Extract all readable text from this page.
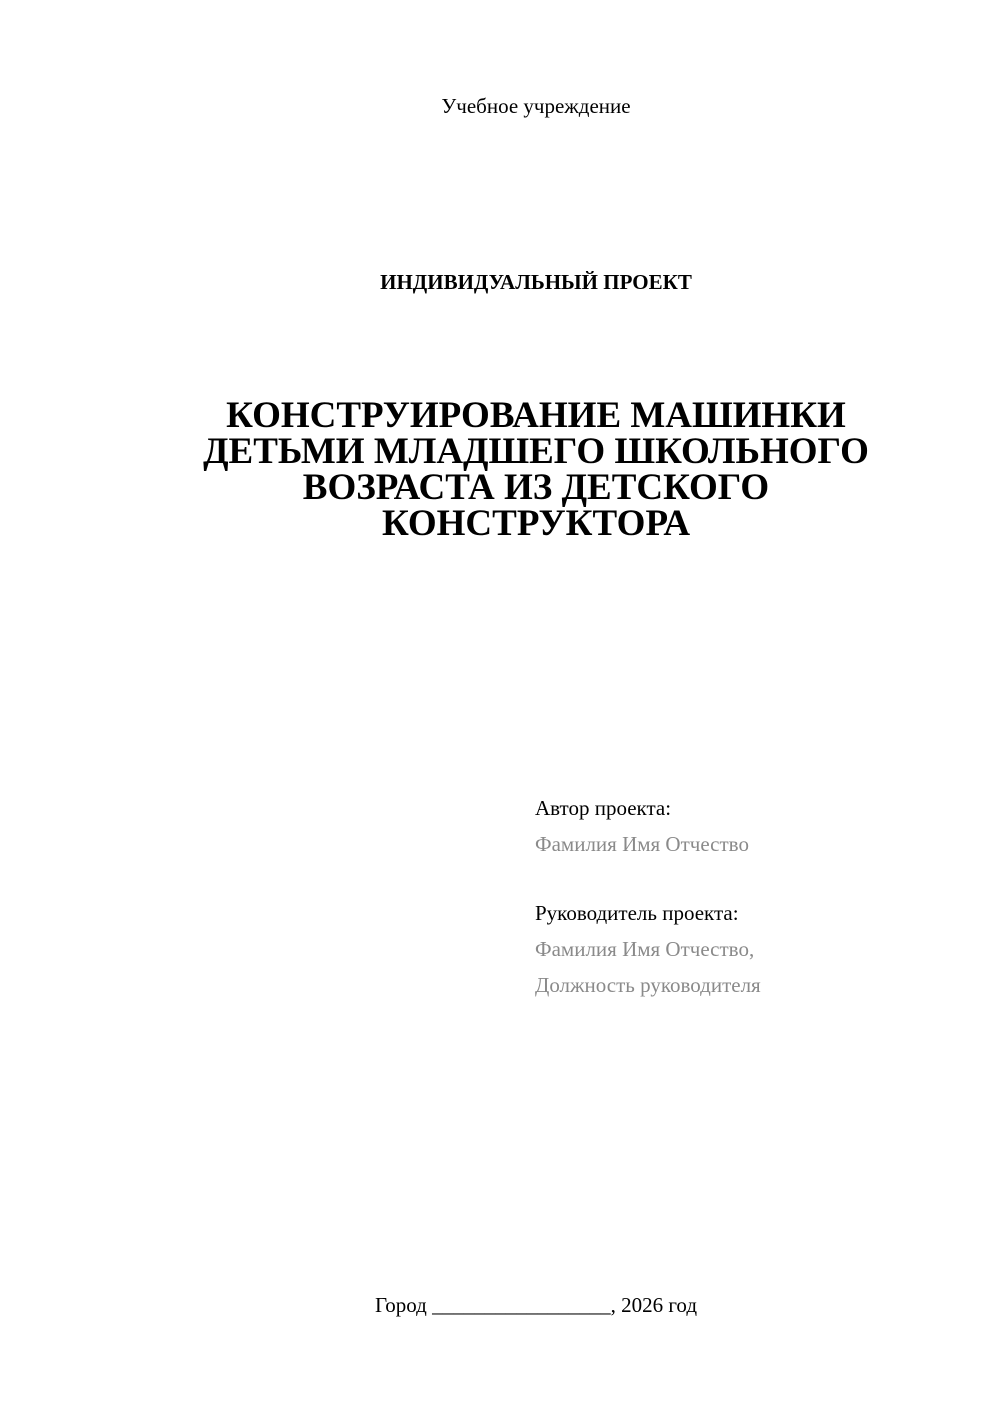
Учебное учреждение
ИНДИВИДУАЛЬНЫЙ ПРОЕКТ
КОНСТРУИРОВАНИЕ МАШИНКИ
ДЕТЬМИ МЛАДШЕГО ШКОЛЬНОГО
ВОЗРАСТА ИЗ ДЕТСКОГО
КОНСТРУКТОРА
Автор проекта:
Фамилия Имя Отчество
Руководитель проекта:
Фамилия Имя Отчество,
Должность руководителя
Город _________________, 2026 год
